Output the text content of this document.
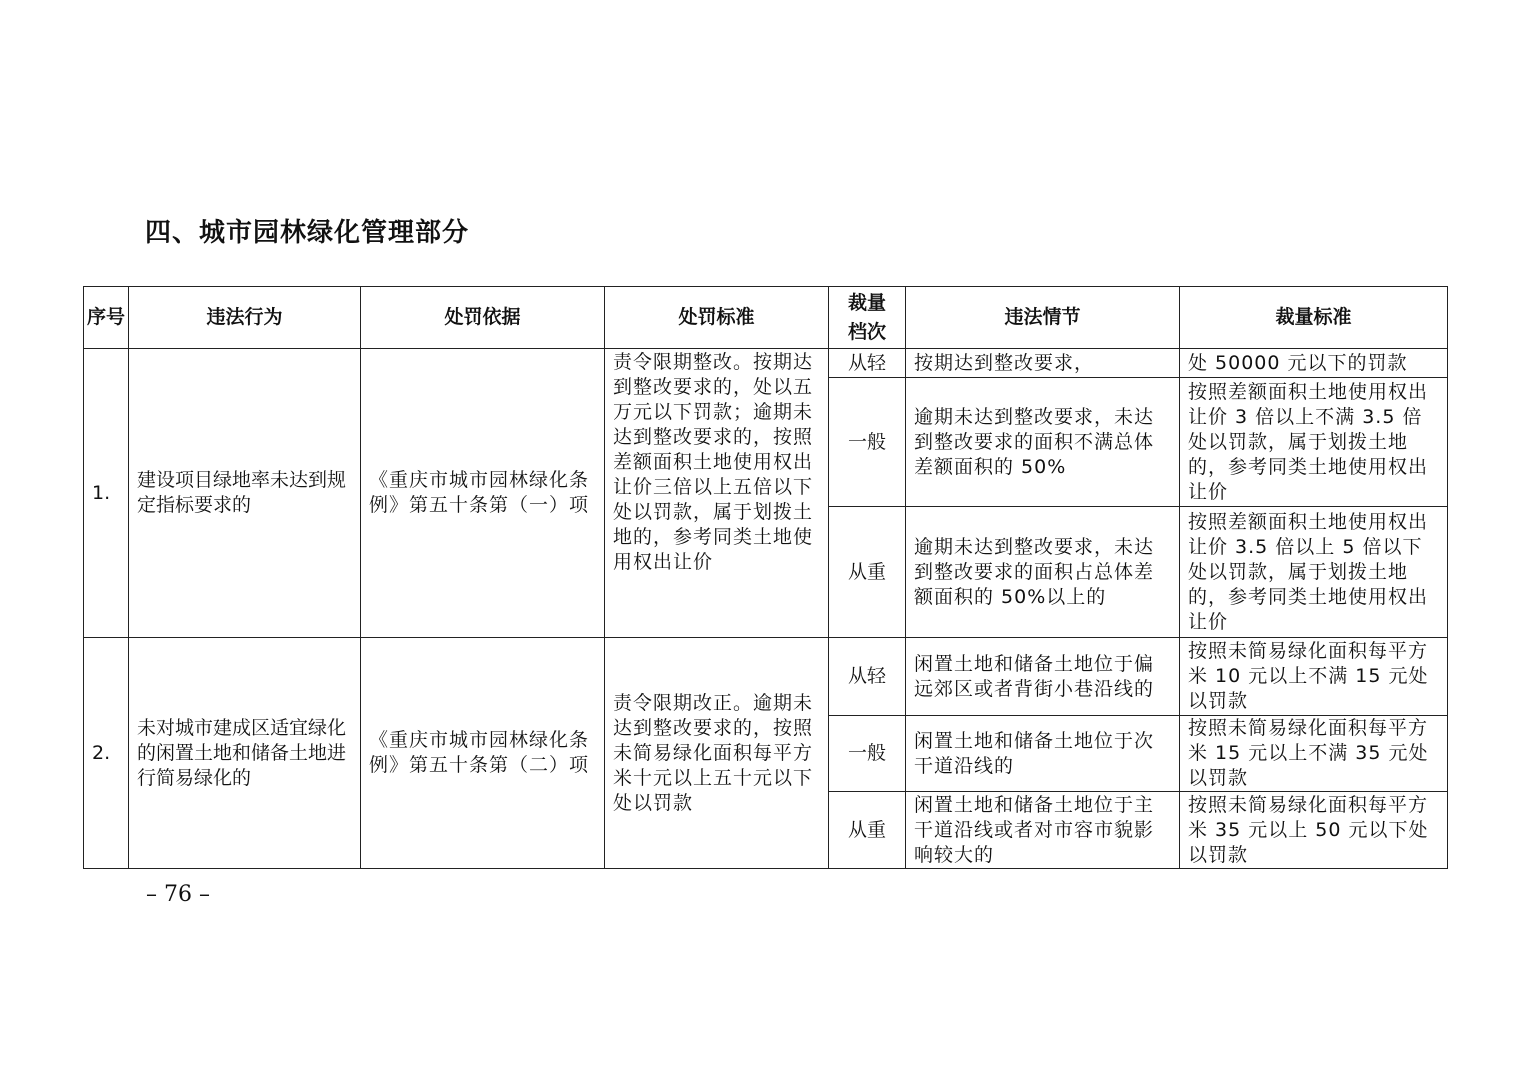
四、城市园林绿化管理部分
序号	违法行为	处罚依据	处罚标准	裁量档次	违法情节	裁量标准
1.	建设项目绿地率未达到规定指标要求的	《重庆市城市园林绿化条例》第五十条第（一）项	责令限期整改。按期达到整改要求的，处以五万元以下罚款；逾期未达到整改要求的，按照差额面积土地使用权出让价三倍以上五倍以下处以罚款，属于划拨土地的，参考同类土地使用权出让价	从轻	按期达到整改要求，	处 50000 元以下的罚款
				一般	逾期未达到整改要求，未达到整改要求的面积不满总体差额面积的 50%	按照差额面积土地使用权出让价 3 倍以上不满 3.5 倍处以罚款，属于划拨土地的，参考同类土地使用权出让价
				从重	逾期未达到整改要求，未达到整改要求的面积占总体差额面积的 50%以上的	按照差额面积土地使用权出让价 3.5 倍以上 5 倍以下处以罚款，属于划拨土地的，参考同类土地使用权出让价
2.	未对城市建成区适宜绿化的闲置土地和储备土地进行简易绿化的	《重庆市城市园林绿化条例》第五十条第（二）项	责令限期改正。逾期未达到整改要求的，按照未简易绿化面积每平方米十元以上五十元以下处以罚款	从轻	闲置土地和储备土地位于偏远郊区或者背街小巷沿线的	按照未简易绿化面积每平方米 10 元以上不满 15 元处以罚款
				一般	闲置土地和储备土地位于次干道沿线的	按照未简易绿化面积每平方米 15 元以上不满 35 元处以罚款
				从重	闲置土地和储备土地位于主干道沿线或者对市容市貌影响较大的	按照未简易绿化面积每平方米 35 元以上 50 元以下处以罚款
– 76 –
